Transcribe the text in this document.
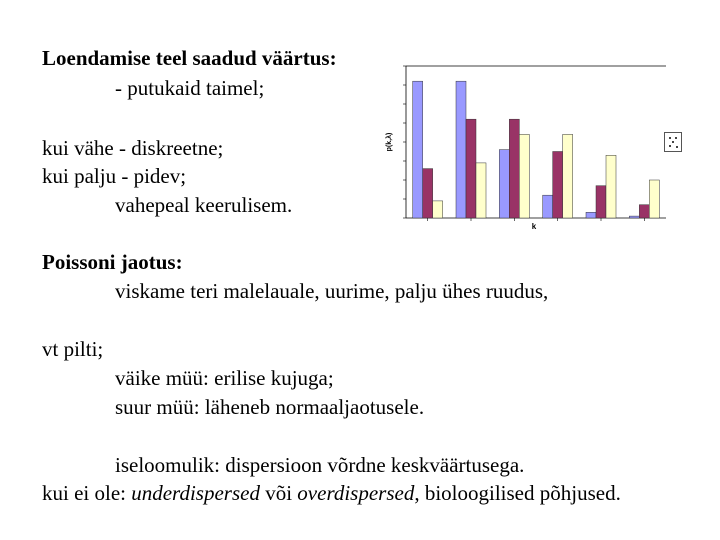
Loendamise teel saadud väärtus:
- putukaid taimel;
kui vähe - diskreetne;
kui palju - pidev;
vahepeal keerulisem.
Poissoni jaotus:
viskame teri malelauale, uurime, palju ühes ruudus,
vt pilti;
väike müü: erilise kujuga;
suur müü: läheneb normaaljaotusele.
iseloomulik: dispersioon võrdne keskväärtusega.
kui ei ole: underdispersed või overdispersed, bioloogilised põhjused.
k
p(k,λ)
